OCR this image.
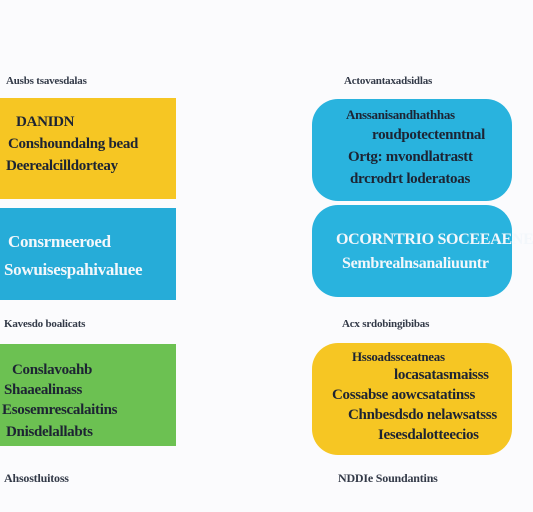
Ausbs tsavesdalas	Actovantaxadsidlas
DANIDN
Conshoundalng bead
Deerealcilldorteay
Anssanisandhathhas
roudpotectenntnal
Ortg: mvondlatrastt
drcrodrt loderatoas
Consrmeeroed
Sowuisespahivaluee
OCORNTRIO SOCEEAENE
Sembrealnsanaliuuntr
Kavesdo boalicats	Acx srdobingibibas
Conslavoahb
Shaaealinass
Esosemrescalaitins
Dnisdelallabts
Hssoadssceatneas
locasatasmaisss
Cossabse aowcsatatinss
Chnbesdsdo nelawsatsss
Iesesdalotteecios
Ahsostluitoss	NDDIe Soundantins
